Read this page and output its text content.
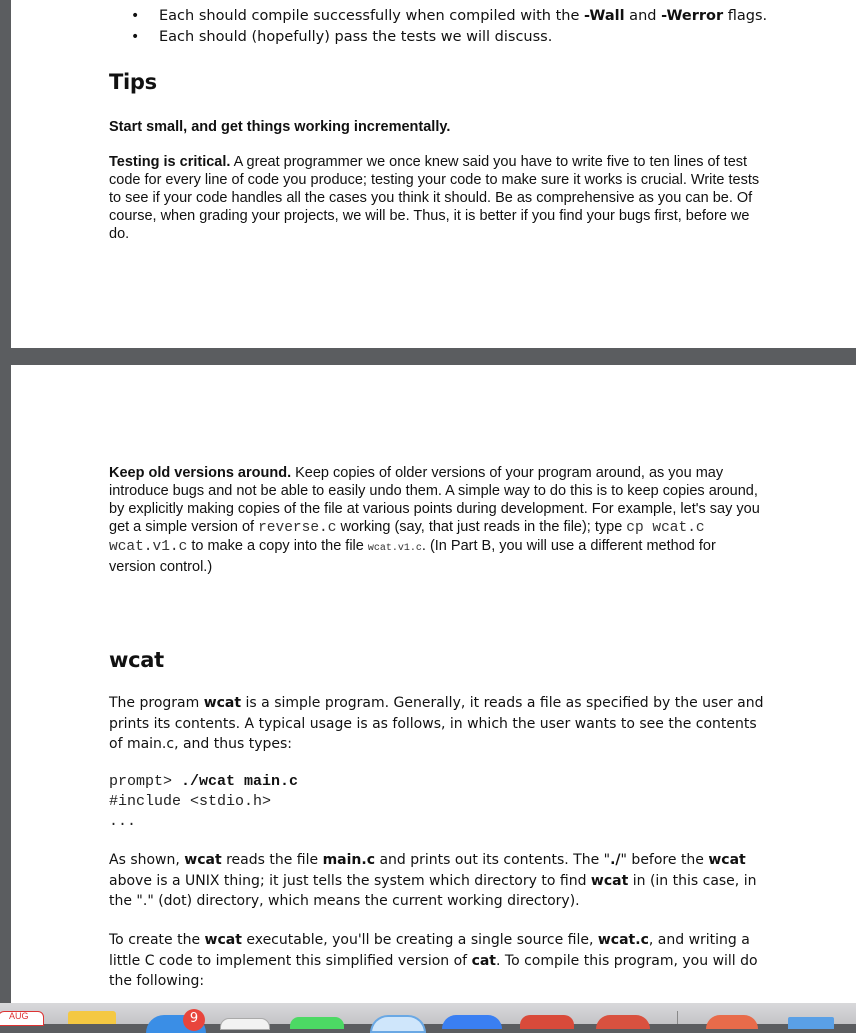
• Each should compile successfully when compiled with the -Wall and -Werror flags.
• Each should (hopefully) pass the tests we will discuss.
Tips

Start small, and get things working incrementally.

Testing is critical. A great programmer we once knew said you have to write five to ten lines of test code for every line of code you produce; testing your code to make sure it works is crucial. Write tests to see if your code handles all the cases you think it should. Be as comprehensive as you can be. Of course, when grading your projects, we will be. Thus, it is better if you find your bugs first, before we do.

Keep old versions around. Keep copies of older versions of your program around, as you may introduce bugs and not be able to easily undo them. A simple way to do this is to keep copies around, by explicitly making copies of the file at various points during development. For example, let's say you get a simple version of reverse.c working (say, that just reads in the file); type cp wcat.c wcat.v1.c to make a copy into the file wcat.v1.c. (In Part B, you will use a different method for version control.)

wcat

The program wcat is a simple program. Generally, it reads a file as specified by the user and prints its contents. A typical usage is as follows, in which the user wants to see the contents of main.c, and thus types:

prompt> ./wcat main.c
#include <stdio.h>
...

As shown, wcat reads the file main.c and prints out its contents. The "./" before the wcat above is a UNIX thing; it just tells the system which directory to find wcat in (in this case, in the "." (dot) directory, which means the current working directory).

To create the wcat executable, you'll be creating a single source file, wcat.c, and writing a little C code to implement this simplified version of cat. To compile this program, you will do the following:

AUG	9
